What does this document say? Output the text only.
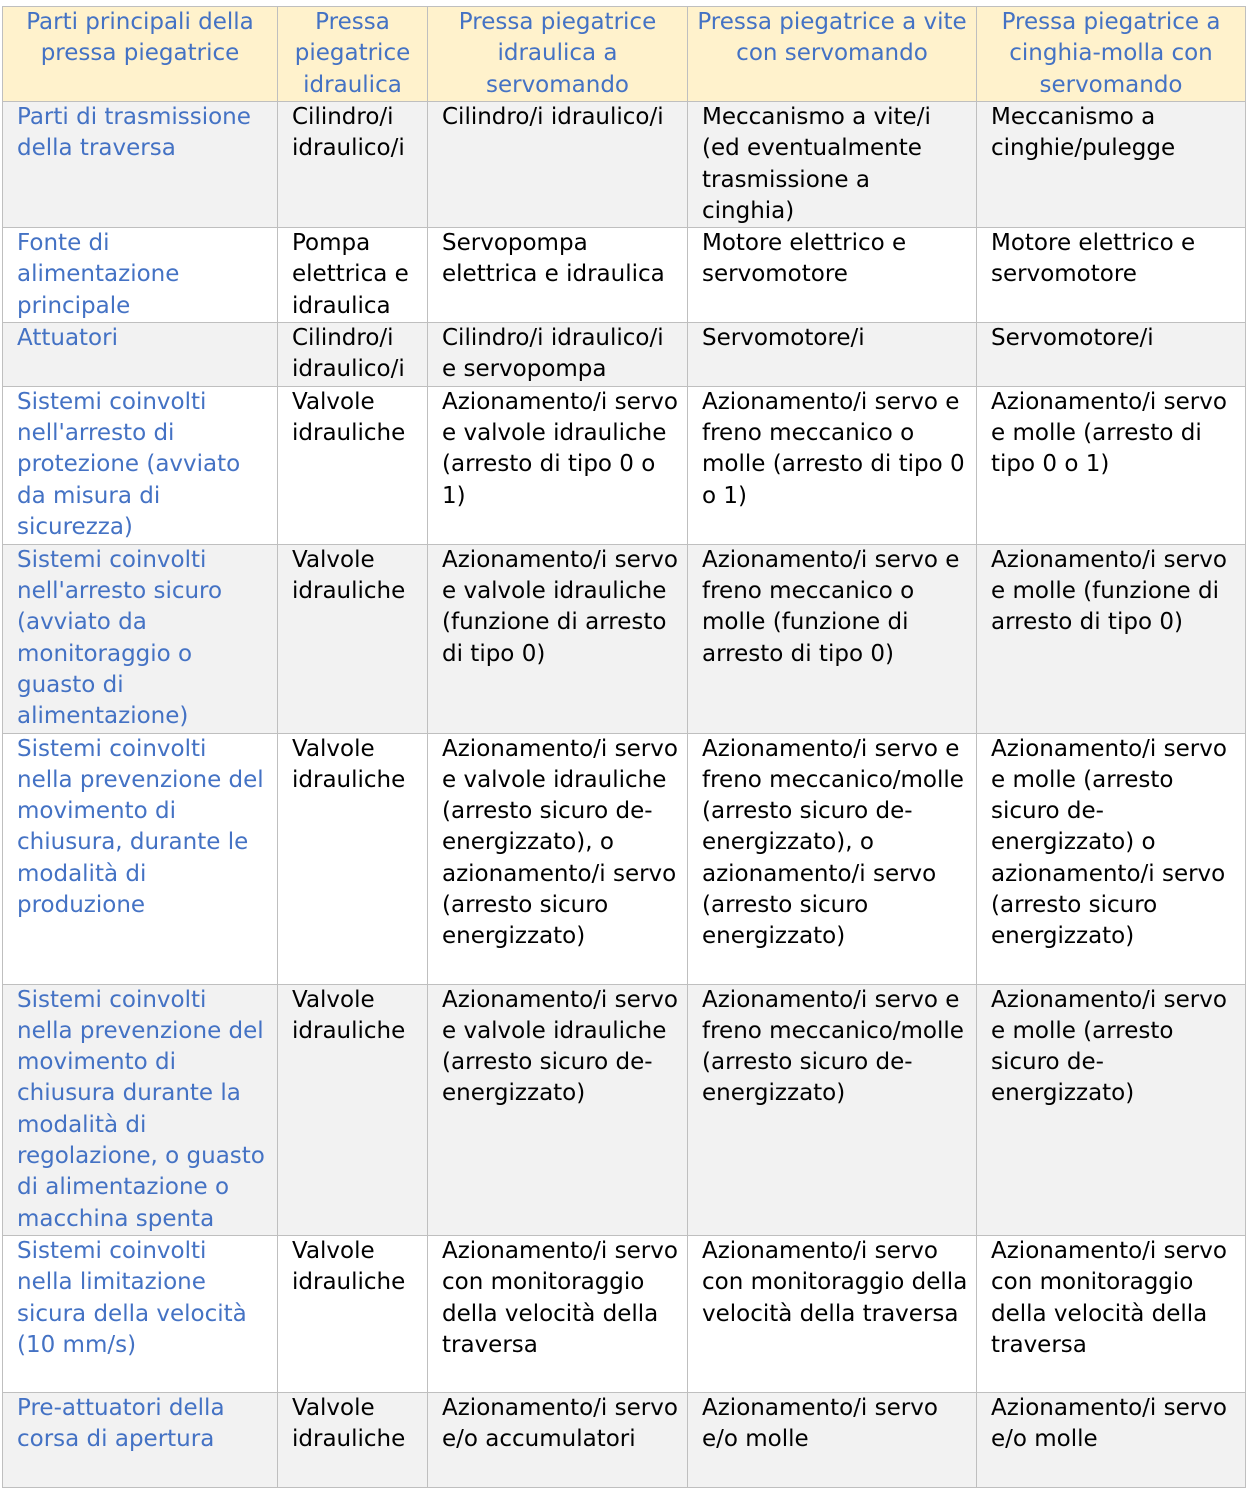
Parti principali della pressa piegatrice	Pressa piegatrice idraulica	Pressa piegatrice idraulica a servomando	Pressa piegatrice a vite con servomando	Pressa piegatrice a cinghia-molla con servomando
Parti di trasmissione della traversa	Cilindro/i idraulico/i	Cilindro/i idraulico/i	Meccanismo a vite/i (ed eventualmente trasmissione a cinghia)	Meccanismo a cinghie/pulegge
Fonte di alimentazione principale	Pompa elettrica e idraulica	Servopompa elettrica e idraulica	Motore elettrico e servomotore	Motore elettrico e servomotore
Attuatori	Cilindro/i idraulico/i	Cilindro/i idraulico/i e servopompa	Servomotore/i	Servomotore/i
Sistemi coinvolti nell'arresto di protezione (avviato da misura di sicurezza)	Valvole idrauliche	Azionamento/i servo e valvole idrauliche (arresto di tipo 0 o 1)	Azionamento/i servo e freno meccanico o molle (arresto di tipo 0 o 1)	Azionamento/i servo e molle (arresto di tipo 0 o 1)
Sistemi coinvolti nell'arresto sicuro (avviato da monitoraggio o guasto di alimentazione)	Valvole idrauliche	Azionamento/i servo e valvole idrauliche (funzione di arresto di tipo 0)	Azionamento/i servo e freno meccanico o molle (funzione di arresto di tipo 0)	Azionamento/i servo e molle (funzione di arresto di tipo 0)
Sistemi coinvolti nella prevenzione del movimento di chiusura, durante le modalità di produzione	Valvole idrauliche	Azionamento/i servo e valvole idrauliche (arresto sicuro de-energizzato), o azionamento/i servo (arresto sicuro energizzato)	Azionamento/i servo e freno meccanico/molle (arresto sicuro de-energizzato), o azionamento/i servo (arresto sicuro energizzato)	Azionamento/i servo e molle (arresto sicuro de-energizzato) o azionamento/i servo (arresto sicuro energizzato)
Sistemi coinvolti nella prevenzione del movimento di chiusura durante la modalità di regolazione, o guasto di alimentazione o macchina spenta	Valvole idrauliche	Azionamento/i servo e valvole idrauliche (arresto sicuro de-energizzato)	Azionamento/i servo e freno meccanico/molle (arresto sicuro de-energizzato)	Azionamento/i servo e molle (arresto sicuro de-energizzato)
Sistemi coinvolti nella limitazione sicura della velocità (10 mm/s)	Valvole idrauliche	Azionamento/i servo con monitoraggio della velocità della traversa	Azionamento/i servo con monitoraggio della velocità della traversa	Azionamento/i servo con monitoraggio della velocità della traversa
Pre-attuatori della corsa di apertura	Valvole idrauliche	Azionamento/i servo e/o accumulatori	Azionamento/i servo e/o molle	Azionamento/i servo e/o molle
